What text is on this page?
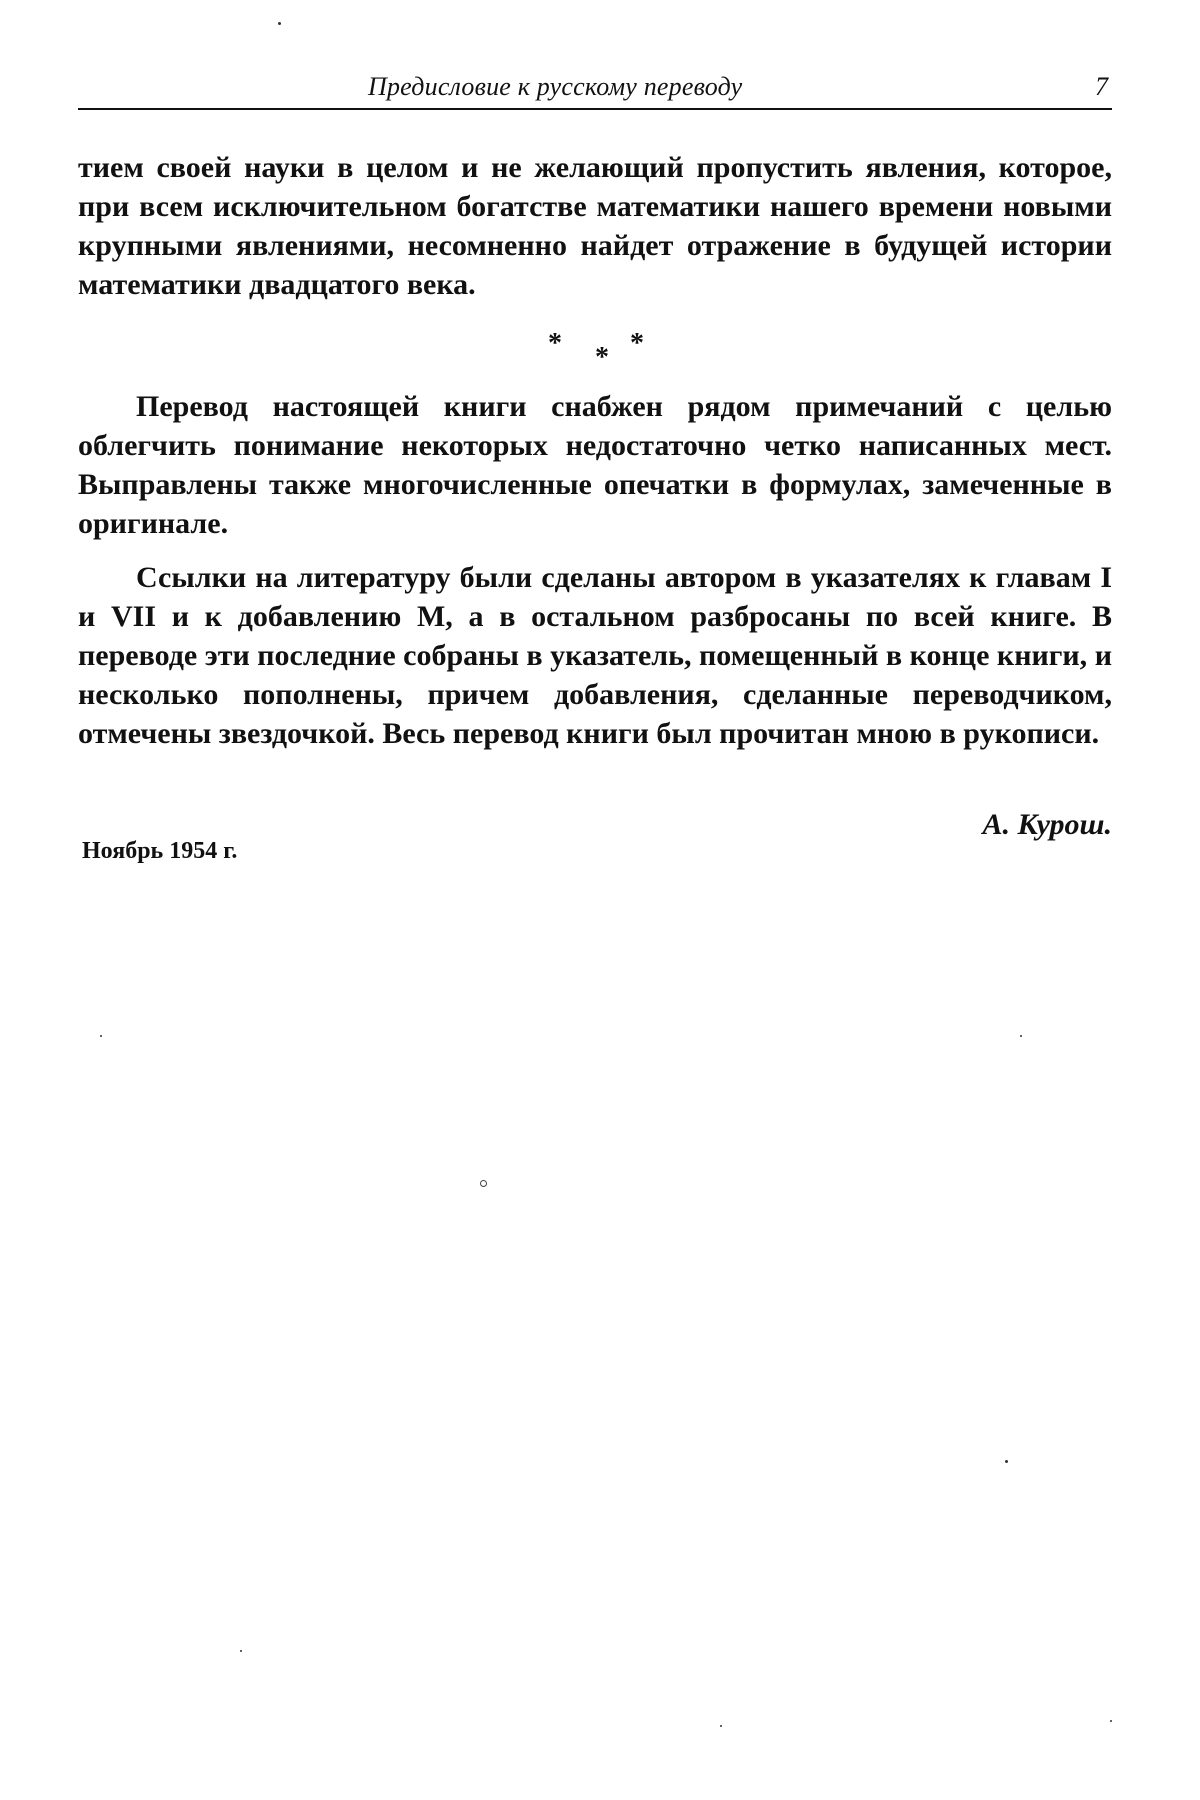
Предисловие к русскому переводу	7

тием своей науки в целом и не желающий пропустить явления, которое, при всем исключительном богатстве математики нашего времени новыми крупными явлениями, несомненно найдет отражение в будущей истории математики двадцатого века.

* * *

Перевод настоящей книги снабжен рядом примечаний с целью облегчить понимание некоторых недостаточно четко написанных мест. Выправлены также многочисленные опечатки в формулах, замеченные в оригинале.

Ссылки на литературу были сделаны автором в указателях к главам I и VII и к добавлению M, а в остальном разбросаны по всей книге. В переводе эти последние собраны в указатель, помещенный в конце книги, и несколько пополнены, причем добавления, сделанные переводчиком, отмечены звездочкой. Весь перевод книги был прочитан мною в рукописи.

А. Курош.
Ноябрь 1954 г.
